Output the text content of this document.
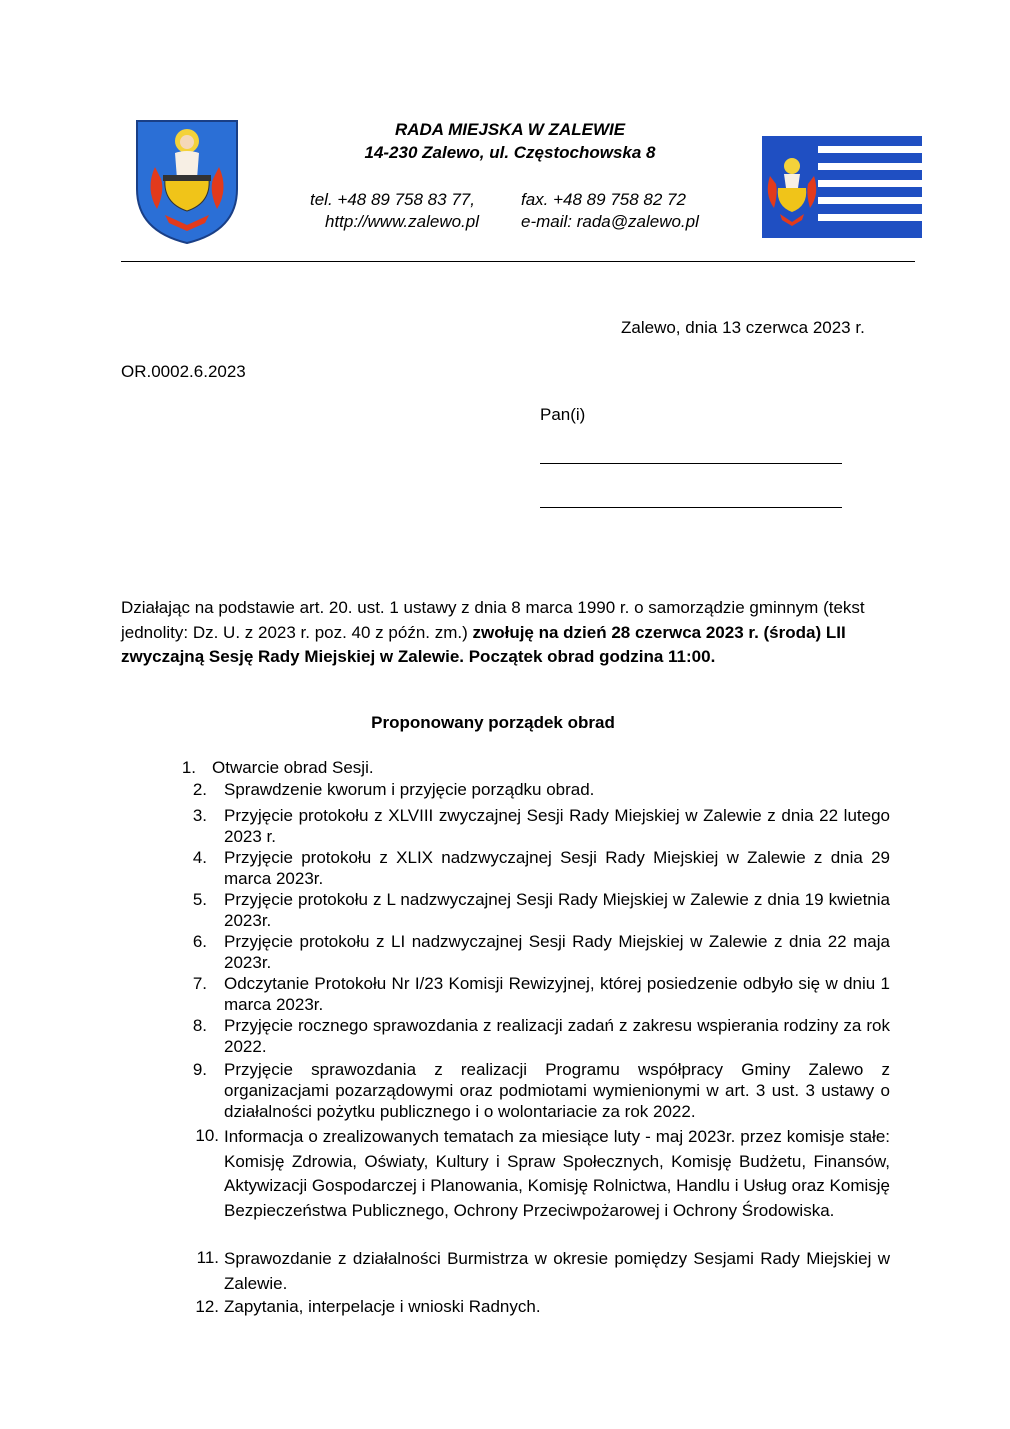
RADA MIEJSKA W ZALEWIE
14-230 Zalewo, ul. Częstochowska 8
tel. +48 89 758 83 77,	fax. +48 89 758 82 72
http://www.zalewo.pl e-mail: rada@zalewo.pl
Zalewo, dnia 13 czerwca 2023 r.
OR.0002.6.2023
Pan(i)
Działając na podstawie art. 20. ust. 1 ustawy z dnia 8 marca 1990 r. o samorządzie gminnym (tekst jednolity: Dz. U. z 2023 r. poz. 40 z późn. zm.) zwołuję na dzień 28 czerwca 2023 r. (środa) LII zwyczajną Sesję Rady Miejskiej w Zalewie. Początek obrad godzina 11:00.
Proponowany porządek obrad
1. Otwarcie obrad Sesji.
2. Sprawdzenie kworum i przyjęcie porządku obrad.
3. Przyjęcie protokołu z XLVIII zwyczajnej Sesji Rady Miejskiej w Zalewie z dnia 22 lutego 2023 r.
4. Przyjęcie protokołu z XLIX nadzwyczajnej Sesji Rady Miejskiej w Zalewie z dnia 29 marca 2023r.
5. Przyjęcie protokołu z L nadzwyczajnej Sesji Rady Miejskiej w Zalewie z dnia 19 kwietnia 2023r.
6. Przyjęcie protokołu z LI nadzwyczajnej Sesji Rady Miejskiej w Zalewie z dnia 22 maja 2023r.
7. Odczytanie Protokołu Nr I/23 Komisji Rewizyjnej, której posiedzenie odbyło się w dniu 1 marca 2023r.
8. Przyjęcie rocznego sprawozdania z realizacji zadań z zakresu wspierania rodziny za rok 2022.
9. Przyjęcie sprawozdania z realizacji Programu współpracy Gminy Zalewo z organizacjami pozarządowymi oraz podmiotami wymienionymi w art. 3 ust. 3 ustawy o działalności pożytku publicznego i o wolontariacie za rok 2022.
10. Informacja o zrealizowanych tematach za miesiące luty - maj 2023r. przez komisje stałe: Komisję Zdrowia, Oświaty, Kultury i Spraw Społecznych, Komisję Budżetu, Finansów, Aktywizacji Gospodarczej i Planowania, Komisję Rolnictwa, Handlu i Usług oraz Komisję Bezpieczeństwa Publicznego, Ochrony Przeciwpożarowej i Ochrony Środowiska.
11. Sprawozdanie z działalności Burmistrza w okresie pomiędzy Sesjami Rady Miejskiej w Zalewie.
12. Zapytania, interpelacje i wnioski Radnych.
